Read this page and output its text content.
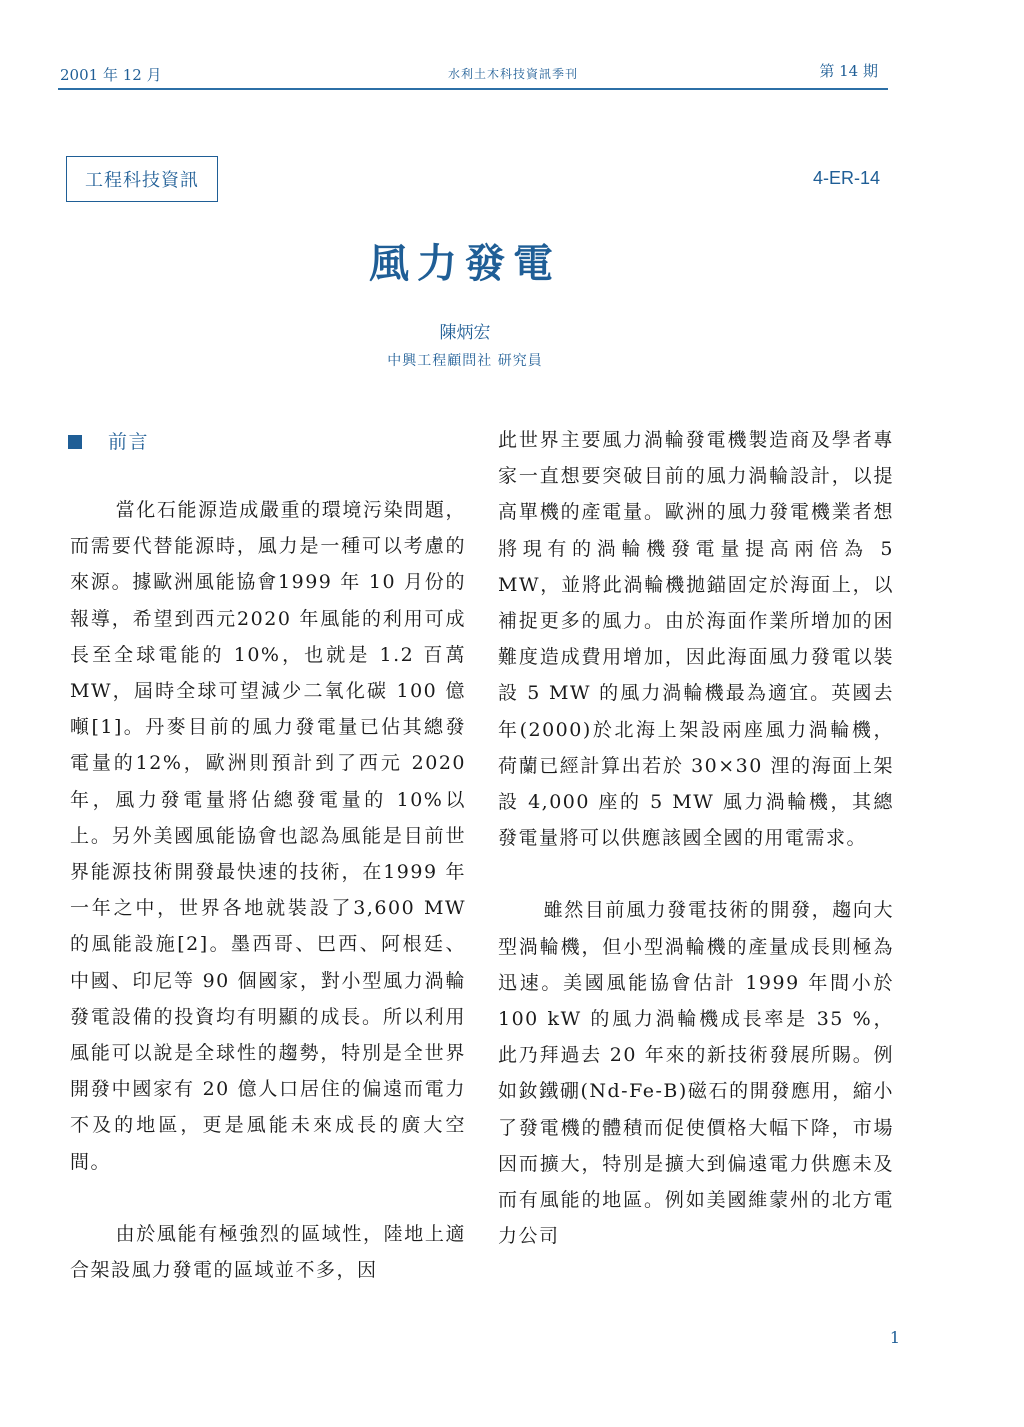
2001 年 12 月	水利土木科技資訊季刊	第 14 期
工程科技資訊	4-ER-14
風力發電
陳炳宏
中興工程顧問社 研究員
前言

當化石能源造成嚴重的環境污染問題，而需要代替能源時，風力是一種可以考慮的來源。據歐洲風能協會1999 年 10 月份的報導，希望到西元2020 年風能的利用可成長至全球電能的 10%，也就是 1.2 百萬 MW，屆時全球可望減少二氧化碳 100 億噸[1]。丹麥目前的風力發電量已佔其總發電量的12%，歐洲則預計到了西元 2020 年，風力發電量將佔總發電量的 10%以上。另外美國風能協會也認為風能是目前世界能源技術開發最快速的技術，在1999 年一年之中，世界各地就裝設了3,600 MW 的風能設施[2]。墨西哥、巴西、阿根廷、中國、印尼等 90 個國家，對小型風力渦輪發電設備的投資均有明顯的成長。所以利用風能可以說是全球性的趨勢，特別是全世界開發中國家有 20 億人口居住的偏遠而電力不及的地區，更是風能未來成長的廣大空間。

由於風能有極強烈的區域性，陸地上適合架設風力發電的區域並不多，因

此世界主要風力渦輪發電機製造商及學者專家一直想要突破目前的風力渦輪設計，以提高單機的產電量。歐洲的風力發電機業者想將現有的渦輪機發電量提高兩倍為 5 MW，並將此渦輪機拋錨固定於海面上，以補捉更多的風力。由於海面作業所增加的困難度造成費用增加，因此海面風力發電以裝設 5 MW 的風力渦輪機最為適宜。英國去年(2000)於北海上架設兩座風力渦輪機，荷蘭已經計算出若於 30×30 浬的海面上架設 4,000 座的 5 MW 風力渦輪機，其總發電量將可以供應該國全國的用電需求。

雖然目前風力發電技術的開發，趨向大型渦輪機，但小型渦輪機的產量成長則極為迅速。美國風能協會估計 1999 年間小於 100 kW 的風力渦輪機成長率是 35 %，此乃拜過去 20 年來的新技術發展所賜。例如釹鐵硼(Nd-Fe-B)磁石的開發應用，縮小了發電機的體積而促使價格大幅下降，市場因而擴大，特別是擴大到偏遠電力供應未及而有風能的地區。例如美國維蒙州的北方電力公司

1
